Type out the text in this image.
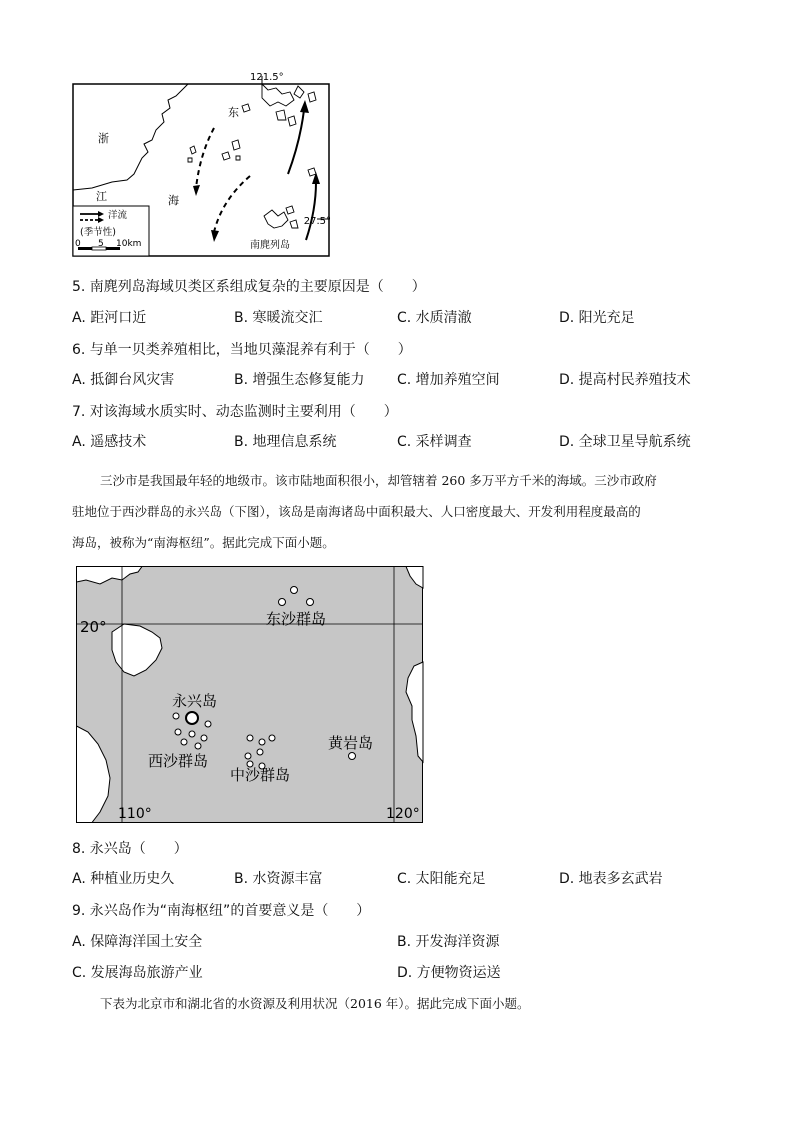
121.5°
27.5°
浙
江	海
东
南麂列岛
洋流
(季节性)
0 5 10km
5. 南麂列岛海域贝类区系组成复杂的主要原因是（　　）
A. 距河口近	B. 寒暖流交汇	C. 水质清澈	D. 阳光充足
6. 与单一贝类养殖相比，当地贝藻混养有利于（　　）
A. 抵御台风灾害	B. 增强生态修复能力 C. 增加养殖空间	D. 提高村民养殖技术
7. 对该海域水质实时、动态监测时主要利用（　　）
A. 遥感技术	B. 地理信息系统	C. 采样调查	D. 全球卫星导航系统
三沙市是我国最年轻的地级市。该市陆地面积很小，却管辖着 260 多万平方千米的海域。三沙市政府
驻地位于西沙群岛的永兴岛（下图），该岛是南海诸岛中面积最大、人口密度最大、开发利用程度最高的
海岛，被称为“南海枢纽”。据此完成下面小题。
20°
110°	120°
东沙群岛
永兴岛
西沙群岛
中沙群岛
黄岩岛
8. 永兴岛（　　）
A. 种植业历史久	B. 水资源丰富	C. 太阳能充足	D. 地表多玄武岩
9. 永兴岛作为“南海枢纽”的首要意义是（　　）
A. 保障海洋国土安全	B. 开发海洋资源
C. 发展海岛旅游产业	D. 方便物资运送
下表为北京市和湖北省的水资源及利用状况（2016 年）。据此完成下面小题。
